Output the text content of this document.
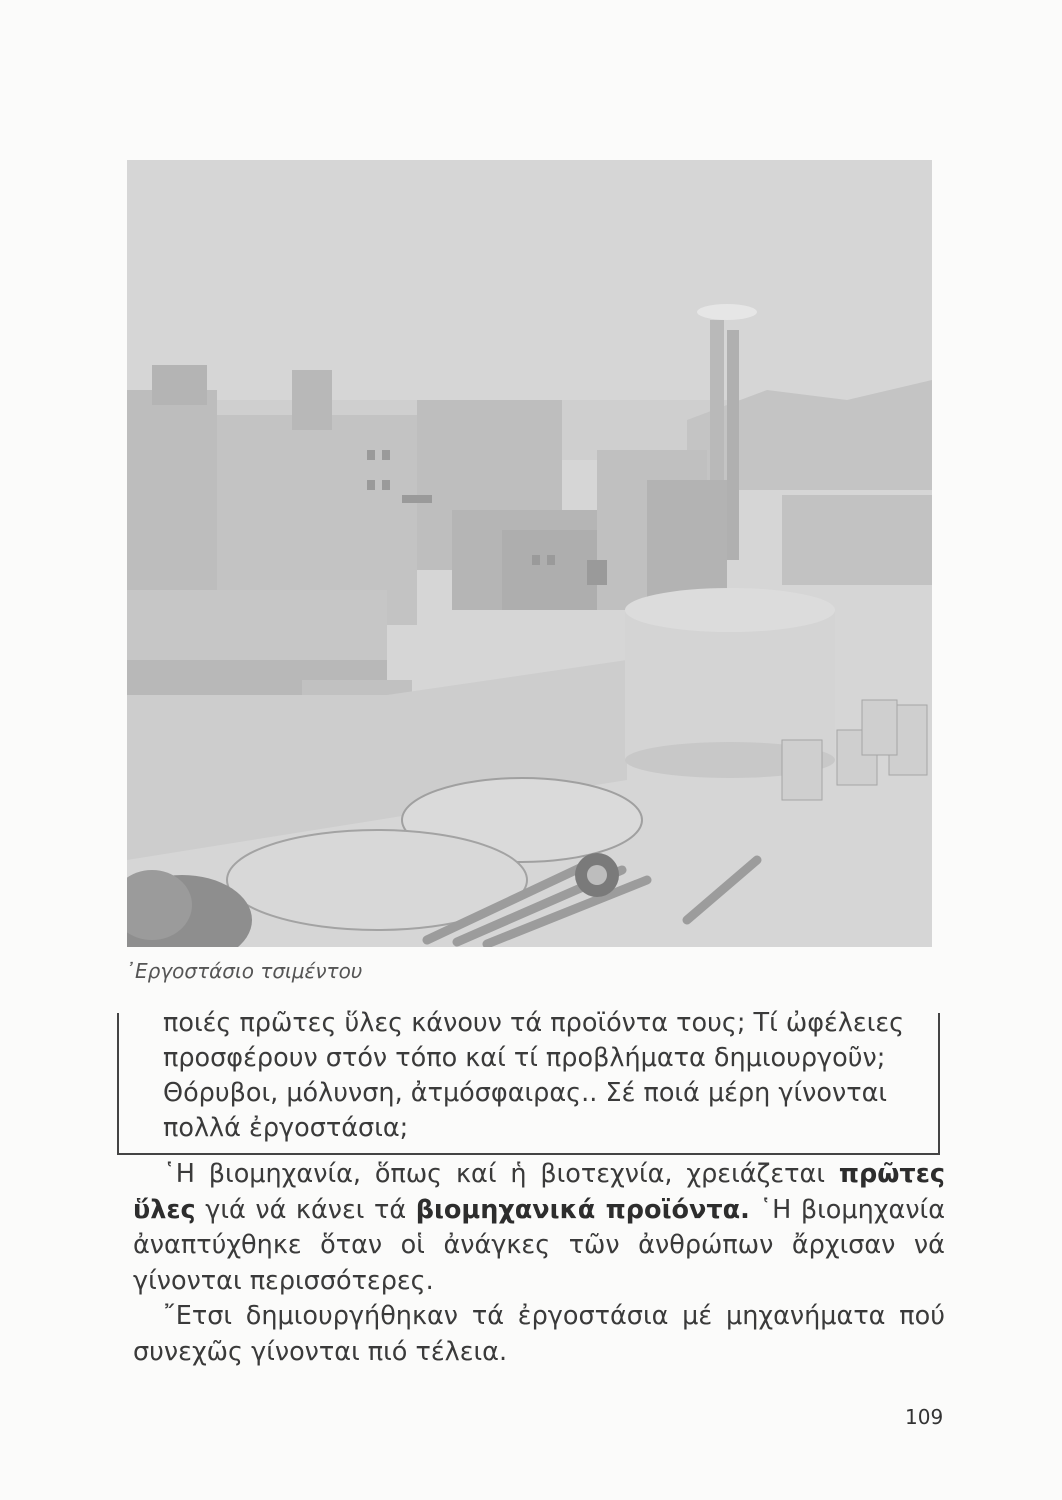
᾿Εργοστάσιο τσιμέντου
ποιές πρῶτες ὕλες κάνουν τά προϊόντα τους; Τί ὠφέλειες προσφέρουν στόν τόπο καί τί προβλήματα δημιουργοῦν; Θόρυβοι, μόλυνση, ἀτμόσφαιρας.. Σέ ποιά μέρη γίνονται πολλά ἐργοστάσια;

῾Η βιομηχανία, ὅπως καί ἡ βιοτεχνία, χρειάζεται πρῶτες ὕλες γιά νά κάνει τά βιομηχανικά προϊόντα. ῾Η βιομηχανία ἀναπτύχθηκε ὅταν οἱ ἀνάγκες τῶν ἀνθρώπων ἄρχισαν νά γίνονται περισσότερες.

῎Ετσι δημιουργήθηκαν τά ἐργοστάσια μέ μηχανήματα πού συνεχῶς γίνονται πιό τέλεια.

109
